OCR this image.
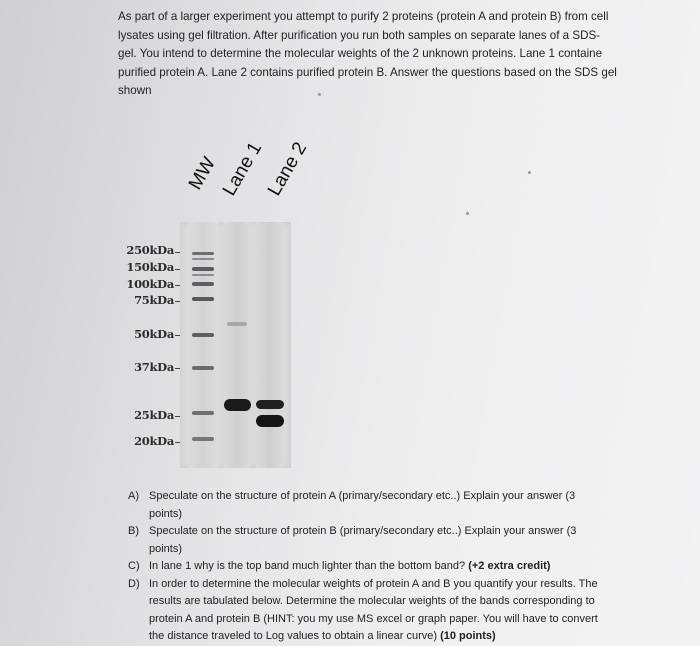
As part of a larger experiment you attempt to purify 2 proteins (protein A and protein B) from cell lysates using gel filtration. After purification you run both samples on separate lanes of a SDS-gel. You intend to determine the molecular weights of the 2 unknown proteins. Lane 1 containe purified protein A. Lane 2 contains purified protein B. Answer the questions based on the SDS gel shown

MW
Lane 1
Lane 2
250kDa
150kDa
100kDa
75kDa
50kDa
37kDa
25kDa
20kDa
A) Speculate on the structure of protein A (primary/secondary etc..) Explain your answer (3 points)
B) Speculate on the structure of protein B (primary/secondary etc..) Explain your answer (3 points)
C) In lane 1 why is the top band much lighter than the bottom band? (+2 extra credit)
D) In order to determine the molecular weights of protein A and B you quantify your results. The results are tabulated below. Determine the molecular weights of the bands corresponding to protein A and protein B (HINT: you my use MS excel or graph paper. You will have to convert the distance traveled to Log values to obtain a linear curve) (10 points)
